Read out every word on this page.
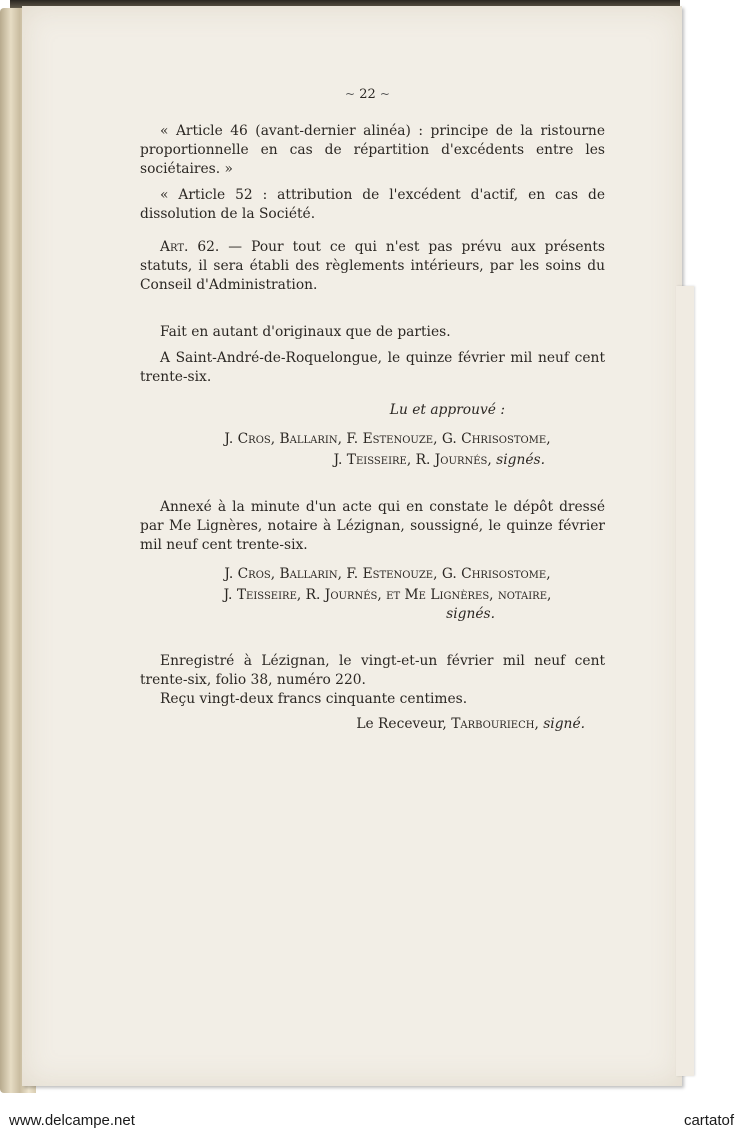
~ 22 ~

« Article 46 (avant-dernier alinéa) : principe de la ristourne proportionnelle en cas de répartition d'excédents entre les sociétaires. »

« Article 52 : attribution de l'excédent d'actif, en cas de dissolution de la Société.

Art. 62. — Pour tout ce qui n'est pas prévu aux présents statuts, il sera établi des règlements intérieurs, par les soins du Conseil d'Administration.

Fait en autant d'originaux que de parties.

A Saint-André-de-Roquelongue, le quinze février mil neuf cent trente-six.

Lu et approuvé :

J. Cros, Ballarin, F. Estenouze, G. Chrisostome,

J. Teisseire, R. Journés, signés.

Annexé à la minute d'un acte qui en constate le dépôt dressé par Me Lignères, notaire à Lézignan, soussigné, le quinze février mil neuf cent trente-six.

J. Cros, Ballarin, F. Estenouze, G. Chrisostome,

J. Teisseire, R. Journés, et Me Lignères, notaire,

signés.

Enregistré à Lézignan, le vingt-et-un février mil neuf cent trente-six, folio 38, numéro 220.

Reçu vingt-deux francs cinquante centimes.

Le Receveur, Tarbouriech, signé.

www.delcampe.net	cartatof
